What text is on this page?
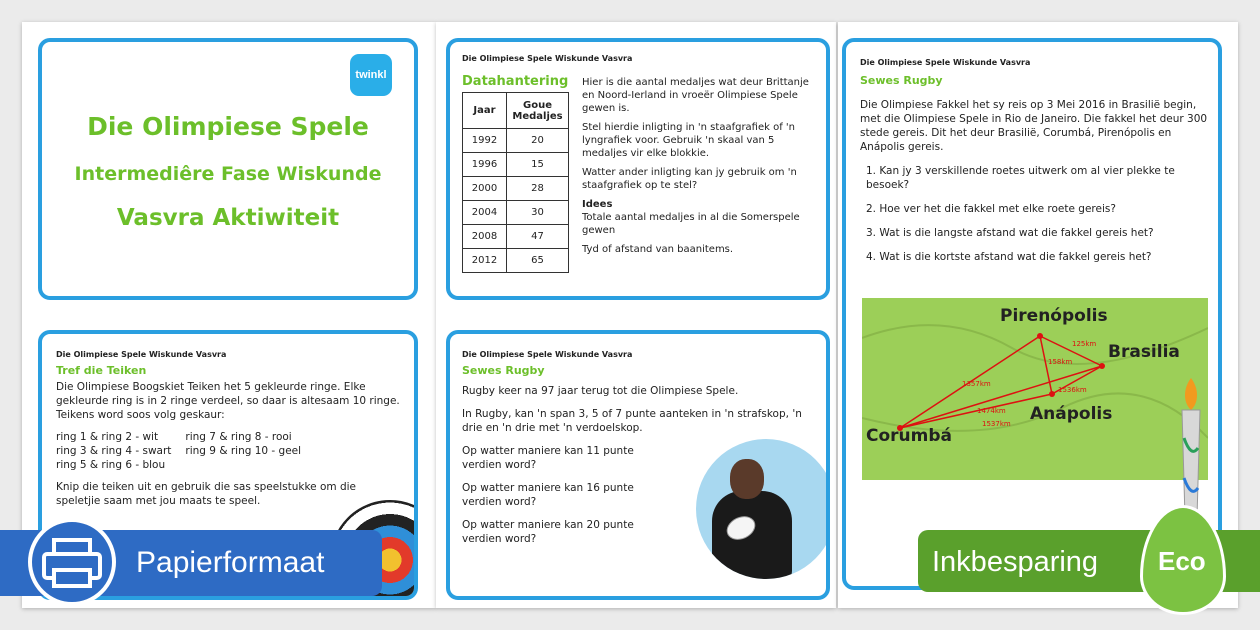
twinkl
Die Olimpiese Spele
Intermediêre Fase Wiskunde
Vasvra Aktiwiteit
Die Olimpiese Spele Wiskunde Vasvra
Datahantering
Jaar	Goue Medaljes
1992	20
1996	15
2000	28
2004	30
2008	47
2012	65

Hier is die aantal medaljes wat deur Brittanje en Noord-Ierland in vroeër Olimpiese Spele gewen is.

Stel hierdie inligting in 'n staafgrafiek of 'n lyngrafiek voor. Gebruik 'n skaal van 5 medaljes vir elke blokkie.

Watter ander inligting kan jy gebruik om 'n staafgrafiek op te stel?

Idees

Totale aantal medaljes in al die Somerspele gewen

Tyd of afstand van baanitems.

Die Olimpiese Spele Wiskunde Vasvra
Tref die Teiken

Die Olimpiese Boogskiet Teiken het 5 gekleurde ringe. Elke gekleurde ring is in 2 ringe verdeel, so daar is altesaam 10 ringe. Teikens word soos volg geskaur:

ring 1 & ring 2 - wit

ring 3 & ring 4 - swart

ring 5 & ring 6 - blou

ring 7 & ring 8 - rooi

ring 9 & ring 10 - geel

Knip die teiken uit en gebruik die sas speelstukke om die speletjie saam met jou maats te speel.

Die Olimpiese Spele Wiskunde Vasvra
Sewes Rugby

Rugby keer na 97 jaar terug tot die Olimpiese Spele.

In Rugby, kan 'n span 3, 5 of 7 punte aanteken in 'n strafskop, 'n drie en 'n drie met 'n verdoelskop.

Op watter maniere kan 11 punte verdien word?

Op watter maniere kan 16 punte verdien word?

Op watter maniere kan 20 punte verdien word?

Die Olimpiese Spele Wiskunde Vasvra
Sewes Rugby

Die Olimpiese Fakkel het sy reis op 3 Mei 2016 in Brasilië begin, met die Olimpiese Spele in Rio de Janeiro. Die fakkel het deur 300 stede gereis. Dit het deur Brasilië, Corumbá, Pirenópolis en Anápolis gereis.

1. Kan jy 3 verskillende roetes uitwerk om al vier plekke te besoek?

2. Hoe ver het die fakkel met elke roete gereis?

3. Wat is die langste afstand wat die fakkel gereis het?

4. Wat is die kortste afstand wat die fakkel gereis het?

1357km
1474km
1537km
1536km
158km
125km
Pirenópolis
Brasilia
Anápolis
Corumbá
Papierformaat	Inkbesparing Eco
